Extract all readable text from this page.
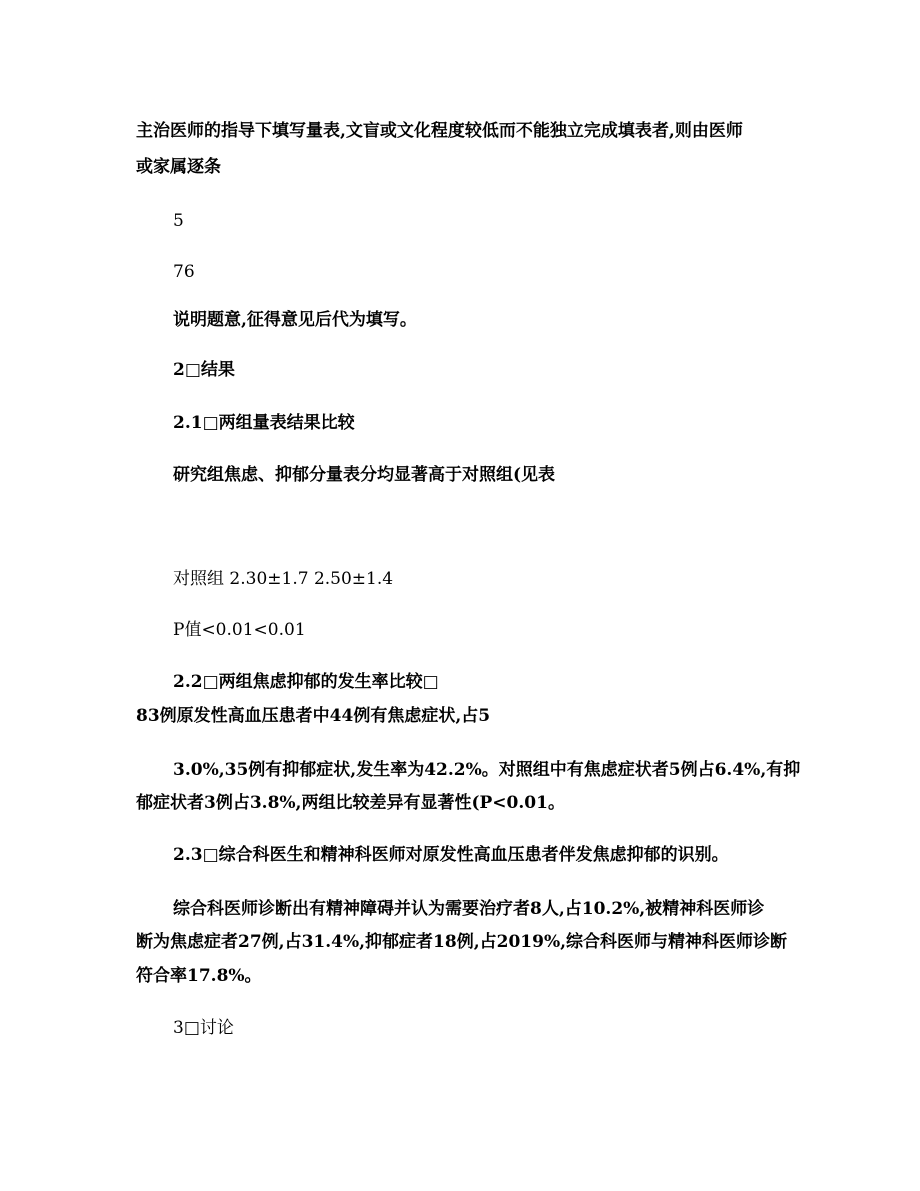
主治医师的指导下填写量表,文盲或文化程度较低而不能独立完成填表者,则由医师
或家属逐条
5
76
说明题意,征得意见后代为填写。
2□结果
2.1□两组量表结果比较
研究组焦虑、抑郁分量表分均显著高于对照组(见表
对照组 2.30±1.7 2.50±1.4
P值<0.01<0.01
2.2□两组焦虑抑郁的发生率比较□
83例原发性高血压患者中44例有焦虑症状,占5
3.0%,35例有抑郁症状,发生率为42.2%。对照组中有焦虑症状者5例占6.4%,有抑
郁症状者3例占3.8%,两组比较差异有显著性(P<0.01。
2.3□综合科医生和精神科医师对原发性高血压患者伴发焦虑抑郁的识别。
综合科医师诊断出有精神障碍并认为需要治疗者8人,占10.2%,被精神科医师诊
断为焦虑症者27例,占31.4%,抑郁症者18例,占2019%,综合科医师与精神科医师诊断
符合率17.8%。
3□讨论
